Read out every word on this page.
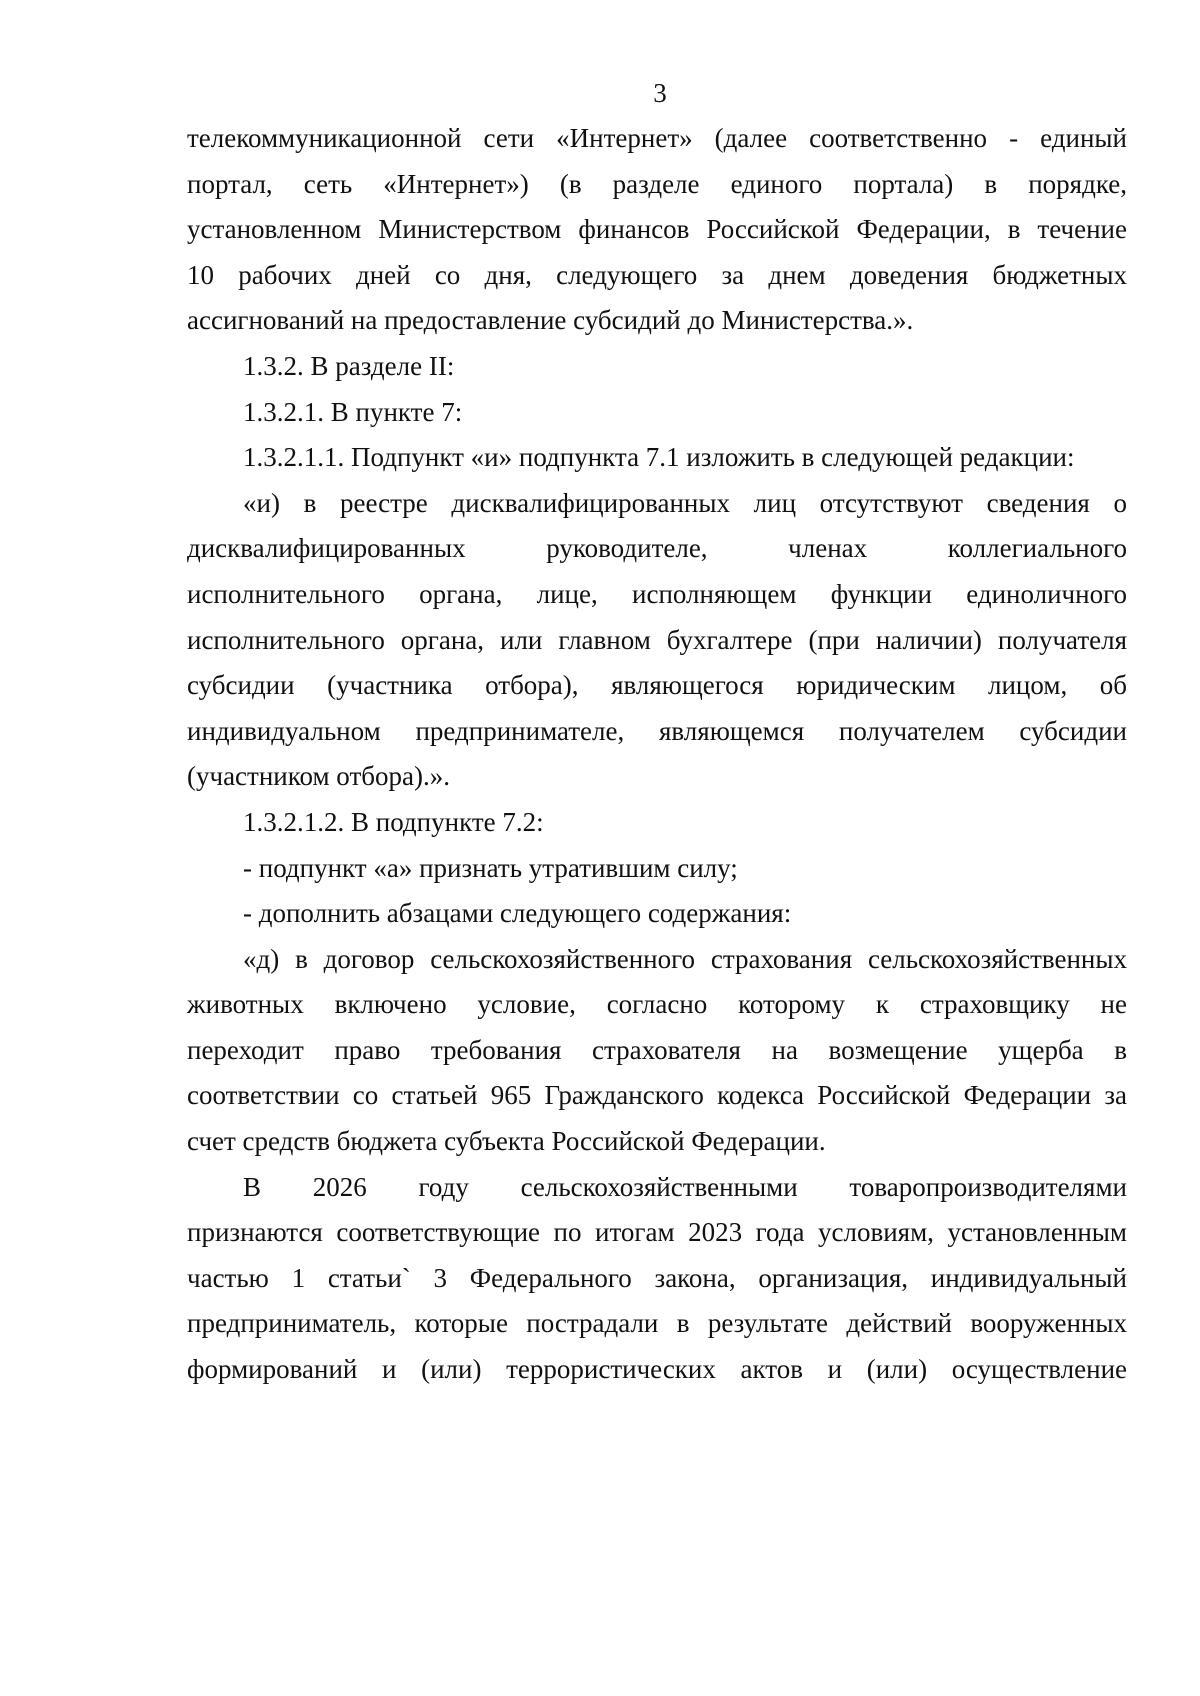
3
телекоммуникационной сети «Интернет» (далее соответственно - единый
портал, сеть «Интернет») (в разделе единого портала) в порядке,
установленном Министерством финансов Российской Федерации, в течение
10 рабочих дней со дня, следующего за днем доведения бюджетных
ассигнований на предоставление субсидий до Министерства.».
1.3.2. В разделе II:
1.3.2.1. В пункте 7:
1.3.2.1.1. Подпункт «и» подпункта 7.1 изложить в следующей редакции:
«и) в реестре дисквалифицированных лиц отсутствуют сведения о
дисквалифицированных руководителе, членах коллегиального
исполнительного органа, лице, исполняющем функции единоличного
исполнительного органа, или главном бухгалтере (при наличии) получателя
субсидии (участника отбора), являющегося юридическим лицом, об
индивидуальном предпринимателе, являющемся получателем субсидии
(участником отбора).».
1.3.2.1.2. В подпункте 7.2:
- подпункт «а» признать утратившим силу;
- дополнить абзацами следующего содержания:
«д) в договор сельскохозяйственного страхования сельскохозяйственных
животных включено условие, согласно которому к страховщику не
переходит право требования страхователя на возмещение ущерба в
соответствии со статьей 965 Гражданского кодекса Российской Федерации за
счет средств бюджета субъекта Российской Федерации.
В 2026 году сельскохозяйственными товаропроизводителями
признаются соответствующие по итогам 2023 года условиям, установленным
частью 1 статьи` 3 Федерального закона, организация, индивидуальный
предприниматель, которые пострадали в результате действий вооруженных
формирований и (или) террористических актов и (или) осуществление
